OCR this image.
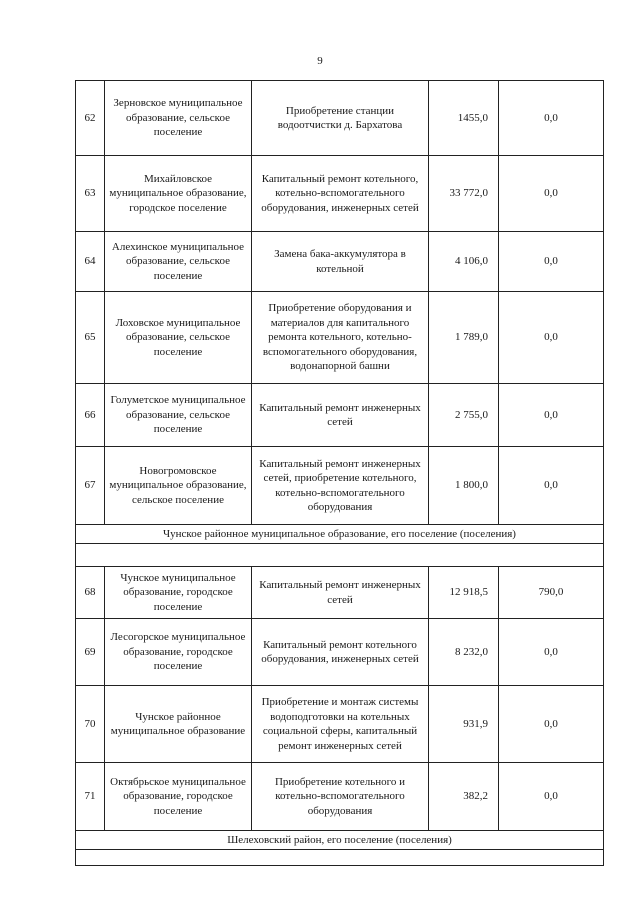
9
62	Зерновское муниципальное образование, сельское поселение	Приобретение станции водоотчистки д. Бархатова	1455,0	0,0
63	Михайловское муниципальное образование, городское поселение	Капитальный ремонт котельного, котельно-вспомогательного оборудования, инженерных сетей	33 772,0	0,0
64	Алехинское муниципальное образование, сельское поселение	Замена бака-аккумулятора в котельной	4 106,0	0,0
65	Лоховское муниципальное образование, сельское поселение	Приобретение оборудования и материалов для капитального ремонта котельного, котельно-вспомогательного оборудования, водонапорной башни	1 789,0	0,0
66	Голуметское муниципальное образование, сельское поселение	Капитальный ремонт инженерных сетей	2 755,0	0,0
67	Новогромовское муниципальное образование, сельское поселение	Капитальный ремонт инженерных сетей, приобретение котельного, котельно-вспомогательного оборудования	1 800,0	0,0
Чунское районное муниципальное образование, его поселение (поселения)				

68	Чунское муниципальное образование, городское поселение	Капитальный ремонт инженерных сетей	12 918,5	790,0
69	Лесогорское муниципальное образование, городское поселение	Капитальный ремонт котельного оборудования, инженерных сетей	8 232,0	0,0
70	Чунское районное муниципальное образование	Приобретение и монтаж системы водоподготовки на котельных социальной сферы, капитальный ремонт инженерных сетей	931,9	0,0
71	Октябрьское муниципальное образование, городское поселение	Приобретение котельного и котельно-вспомогательного оборудования	382,2	0,0
Шелеховский район, его поселение (поселения)				
